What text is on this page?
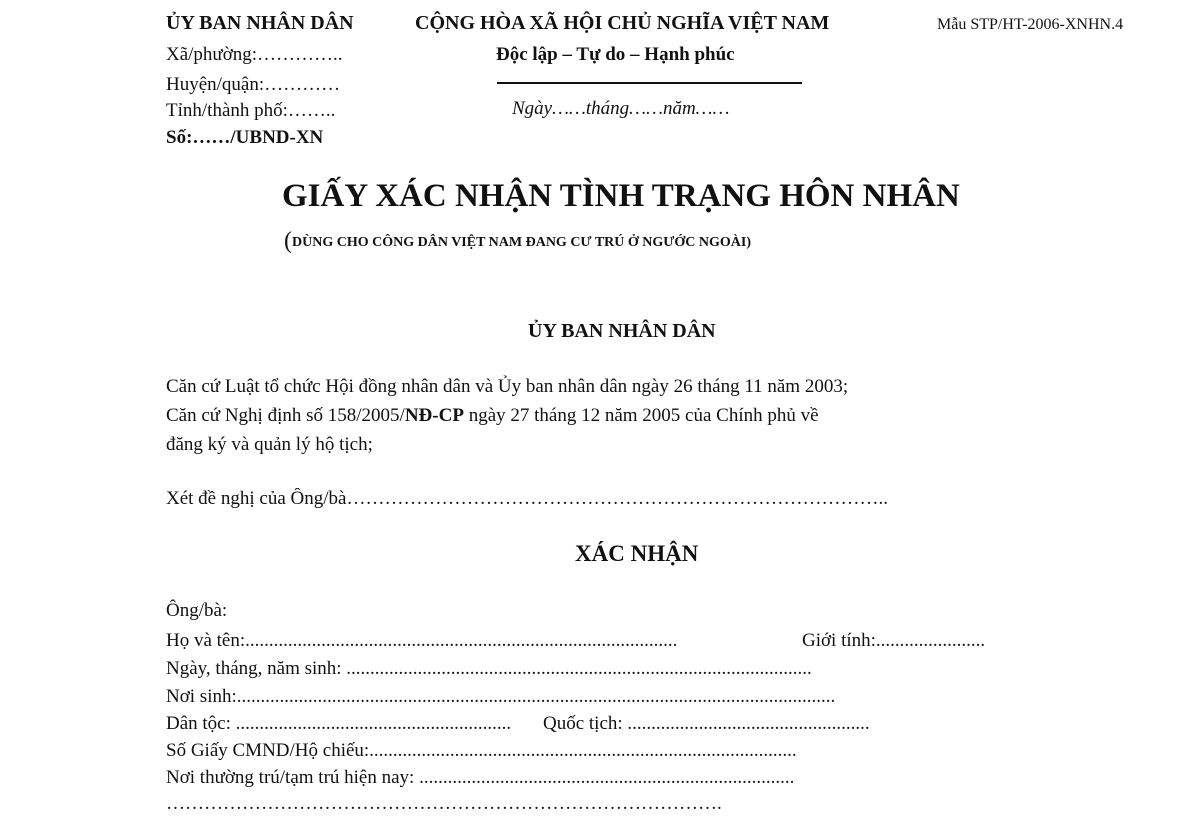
ỦY BAN NHÂN DÂN
Xã/phường:…………..
Huyện/quận:…………
Tỉnh/thành phố:……..
Số:……/UBND-XN
CỘNG HÒA XÃ HỘI CHỦ NGHĨA VIỆT NAM
Độc lập – Tự do – Hạnh phúc
Ngày……tháng……năm……
Mẫu STP/HT-2006-XNHN.4
GIẤY XÁC NHẬN TÌNH TRẠNG HÔN NHÂN
(DÙNG CHO CÔNG DÂN VIỆT NAM ĐANG CƯ TRÚ Ở NGƯỚC NGOÀI)
ỦY BAN NHÂN DÂN
Căn cứ Luật tổ chức Hội đồng nhân dân và Ủy ban nhân dân ngày 26 tháng 11 năm 2003;
Căn cứ Nghị định số 158/2005/NĐ-CP ngày 27 tháng 12 năm 2005 của Chính phủ về
đăng ký và quản lý hộ tịch;
Xét đề nghị của Ông/bà…………………………………………………………………………..
XÁC NHẬN
Ông/bà:
Họ và tên:...........................................................................................	Giới tính:.......................
Ngày, tháng, năm sinh: ..................................................................................................
Nơi sinh:..............................................................................................................................
Dân tộc: ..........................................................	Quốc tịch: ...................................................
Số Giấy CMND/Hộ chiếu:..........................................................................................
Nơi thường trú/tạm trú hiện nay: ...............................................................................
…………………………………………………………………………….
